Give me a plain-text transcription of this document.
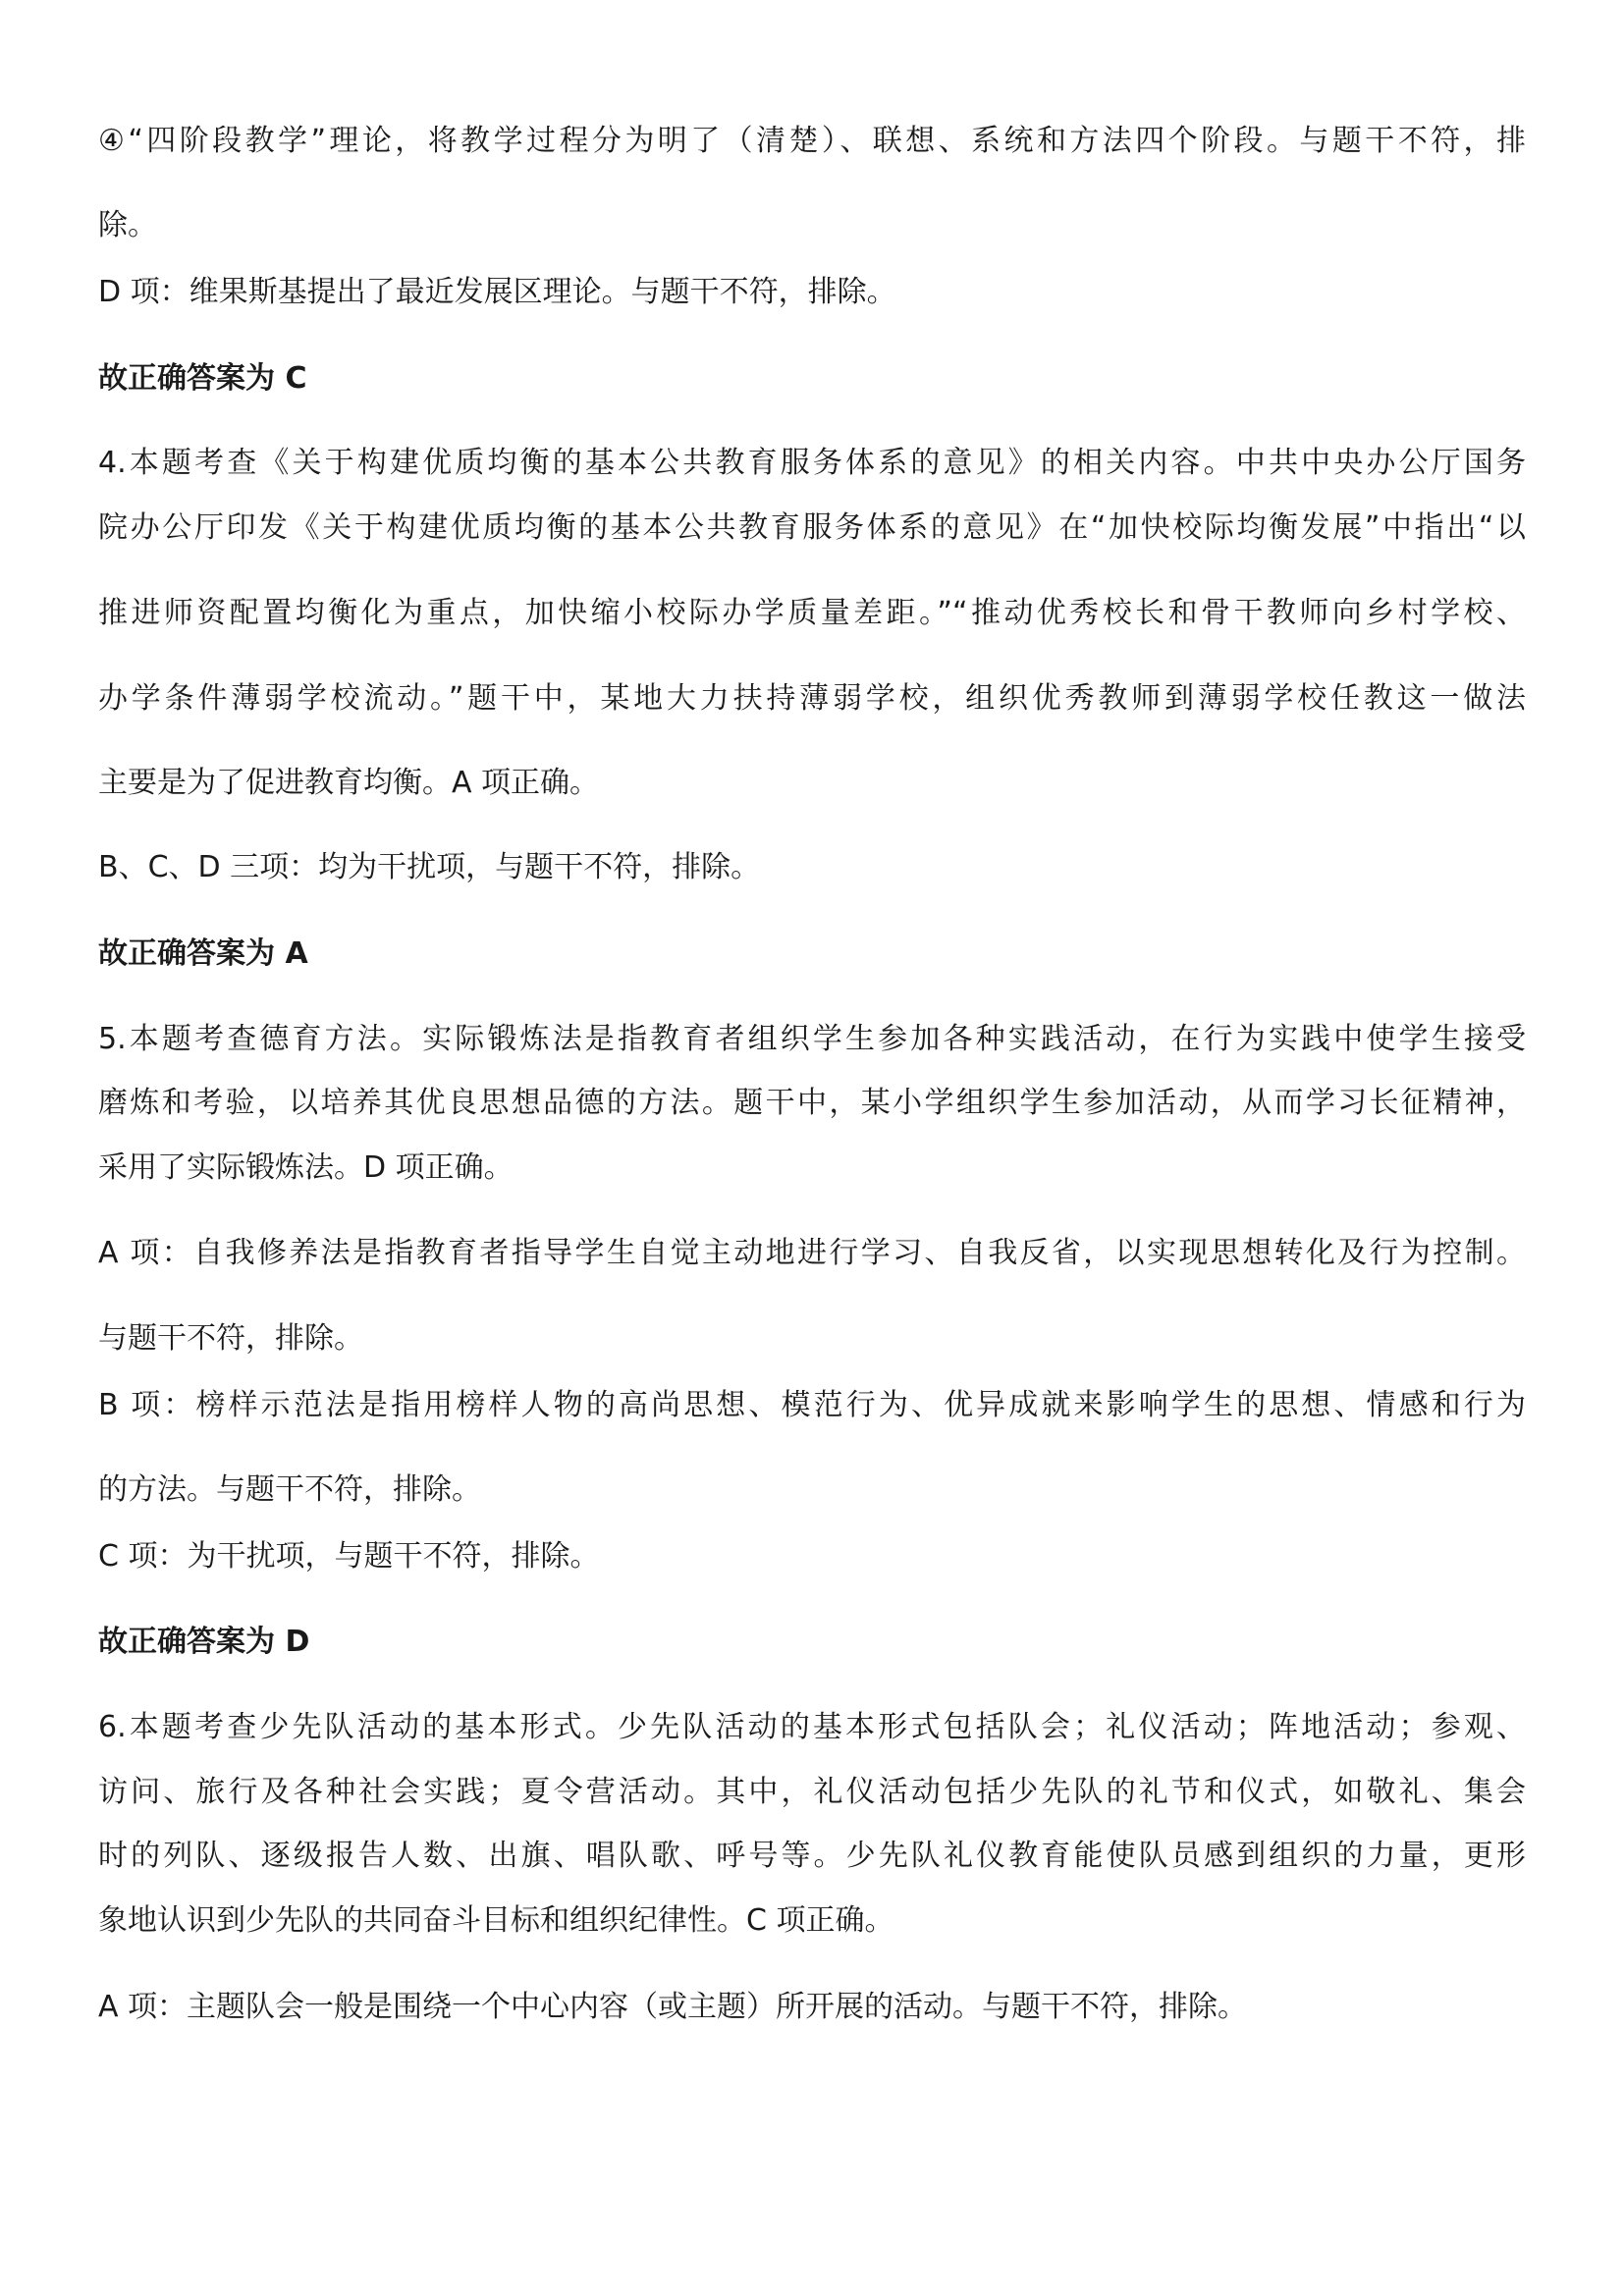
④“四阶段教学”理论，将教学过程分为明了（清楚）、联想、系统和方法四个阶段。与题干不符，排

除。

D 项：维果斯基提出了最近发展区理论。与题干不符，排除。

故正确答案为 C

4.本题考查《关于构建优质均衡的基本公共教育服务体系的意见》的相关内容。中共中央办公厅国务

院办公厅印发《关于构建优质均衡的基本公共教育服务体系的意见》在“加快校际均衡发展”中指出“以

推进师资配置均衡化为重点，加快缩小校际办学质量差距。”“推动优秀校长和骨干教师向乡村学校、

办学条件薄弱学校流动。”题干中，某地大力扶持薄弱学校，组织优秀教师到薄弱学校任教这一做法

主要是为了促进教育均衡。A 项正确。

B、C、D 三项：均为干扰项，与题干不符，排除。

故正确答案为 A

5.本题考查德育方法。实际锻炼法是指教育者组织学生参加各种实践活动，在行为实践中使学生接受

磨炼和考验，以培养其优良思想品德的方法。题干中，某小学组织学生参加活动，从而学习长征精神，

采用了实际锻炼法。D 项正确。

A 项：自我修养法是指教育者指导学生自觉主动地进行学习、自我反省，以实现思想转化及行为控制。

与题干不符，排除。

B 项：榜样示范法是指用榜样人物的高尚思想、模范行为、优异成就来影响学生的思想、情感和行为

的方法。与题干不符，排除。

C 项：为干扰项，与题干不符，排除。

故正确答案为 D

6.本题考查少先队活动的基本形式。少先队活动的基本形式包括队会；礼仪活动；阵地活动；参观、

访问、旅行及各种社会实践；夏令营活动。其中，礼仪活动包括少先队的礼节和仪式，如敬礼、集会

时的列队、逐级报告人数、出旗、唱队歌、呼号等。少先队礼仪教育能使队员感到组织的力量，更形

象地认识到少先队的共同奋斗目标和组织纪律性。C 项正确。

A 项：主题队会一般是围绕一个中心内容（或主题）所开展的活动。与题干不符，排除。
